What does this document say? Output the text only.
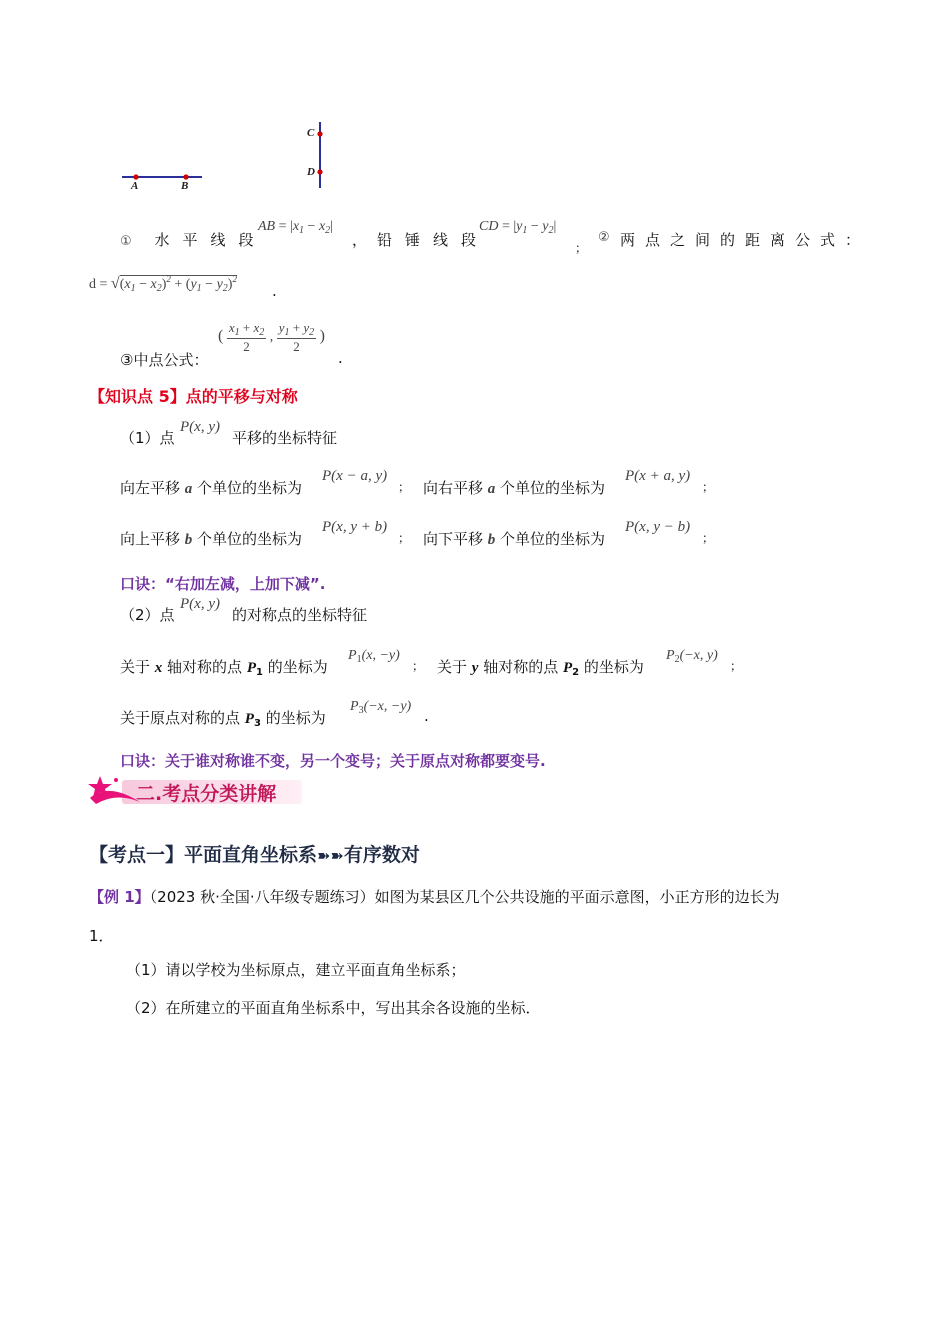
A	B
C
D
① 水平线段
AB = $|x_1 - x_2|$
， 铅锤线段
CD = $|y_1 - y_2|$
；
② 两点之间的距离公式：
$d = √(x_1 - x_2)^2 + (y_1 - y_2)^2$
.
③中点公式：
( $\frac{x_1 + x_2}{2}$ , $\frac{y_1 + y_2}{2}$ )
.
【知识点 5】点的平移与对称
（1）点
P(x, y)
平移的坐标特征
向左平移 a 个单位的坐标为
P(x − a, y)
； 向右平移 a 个单位的坐标为
P(x + a, y)
；
向上平移 b 个单位的坐标为
P(x, y + b)
； 向下平移 b 个单位的坐标为
P(x, y − b)
；
口诀：“右加左减，上加下减”.
（2）点
P(x, y)
的对称点的坐标特征
关于 x 轴对称的点 $P_1$ 的坐标为
$P_1(x$, −y)
； 关于 y 轴对称的点 $P_2$ 的坐标为
$P_2(-x$, y)
；
关于原点对称的点 $P_3$ 的坐标为
$P_3(-x$, −y)
.
口诀：关于谁对称谁不变，另一个变号；关于原点对称都要变号.
二.考点分类讲解
【考点一】平面直角坐标系➽➽有序数对
【例 1】（2023 秋·全国·八年级专题练习）如图为某县区几个公共设施的平面示意图，小正方形的边长为
1．
（1）请以学校为坐标原点，建立平面直角坐标系；
（2）在所建立的平面直角坐标系中，写出其余各设施的坐标．
